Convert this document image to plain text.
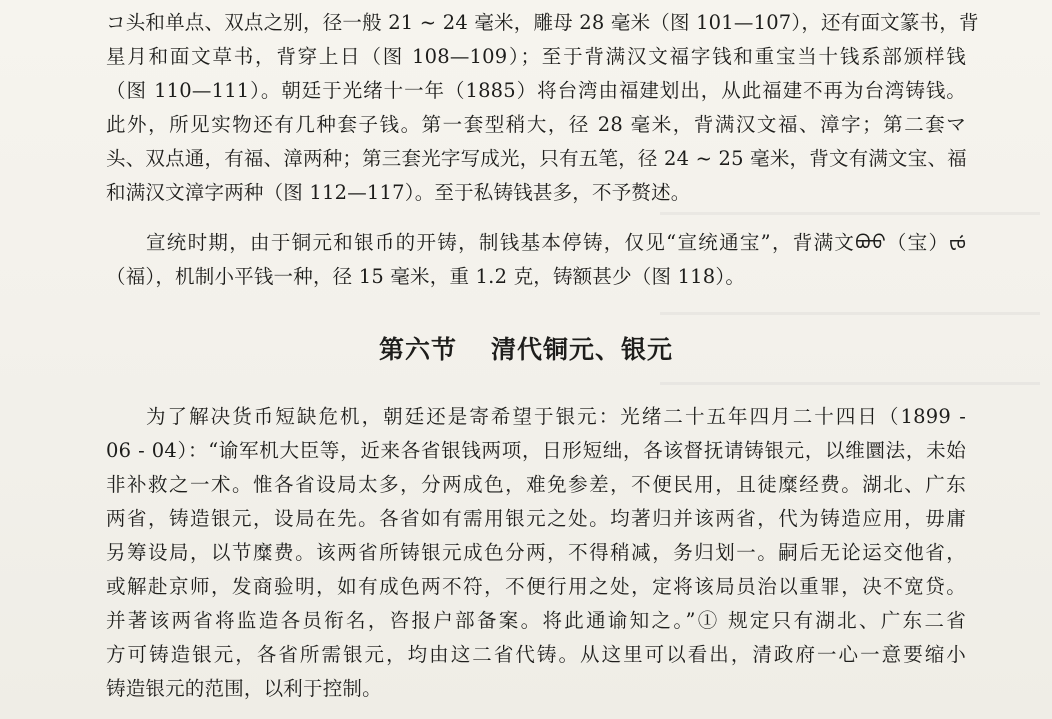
コ头和单点、双点之别，径一般 21 ~ 24 毫米，雕母 28 毫米（图 101—107），还有面文篆书，背
星月和面文草书，背穿上日（图 108—109）；至于背满汉文福字钱和重宝当十钱系部颁样钱
（图 110—111）。朝廷于光绪十一年（1885）将台湾由福建划出，从此福建不再为台湾铸钱。
此外，所见实物还有几种套子钱。第一套型稍大，径 28 毫米，背满汉文福、漳字；第二套マ
头、双点通，有福、漳两种；第三套光字写成光，只有五笔，径 24 ~ 25 毫米，背文有满文宝、福
和满汉文漳字两种（图 112—117）。至于私铸钱甚多，不予赘述。
宣统时期，由于铜元和银币的开铸，制钱基本停铸，仅见“宣统通宝”，背满文ᠪᠣᠣ（宝）ᡶᡠ
（福），机制小平钱一种，径 15 毫米，重 1.2 克，铸额甚少（图 118）。
第六节 清代铜元、银元
为了解决货币短缺危机，朝廷还是寄希望于银元：光绪二十五年四月二十四日（1899 -
06 - 04）：“谕军机大臣等，近来各省银钱两项，日形短绌，各该督抚请铸银元，以维圜法，未始
非补救之一术。惟各省设局太多，分两成色，难免参差，不便民用，且徒糜经费。湖北、广东
两省，铸造银元，设局在先。各省如有需用银元之处。均著归并该两省，代为铸造应用，毋庸
另筹设局，以节糜费。该两省所铸银元成色分两，不得稍减，务归划一。嗣后无论运交他省，
或解赴京师，发商验明，如有成色两不符，不便行用之处，定将该局员治以重罪，决不宽贷。
并著该两省将监造各员衔名，咨报户部备案。将此通谕知之。”① 规定只有湖北、广东二省
方可铸造银元，各省所需银元，均由这二省代铸。从这里可以看出，清政府一心一意要缩小
铸造银元的范围，以利于控制。
